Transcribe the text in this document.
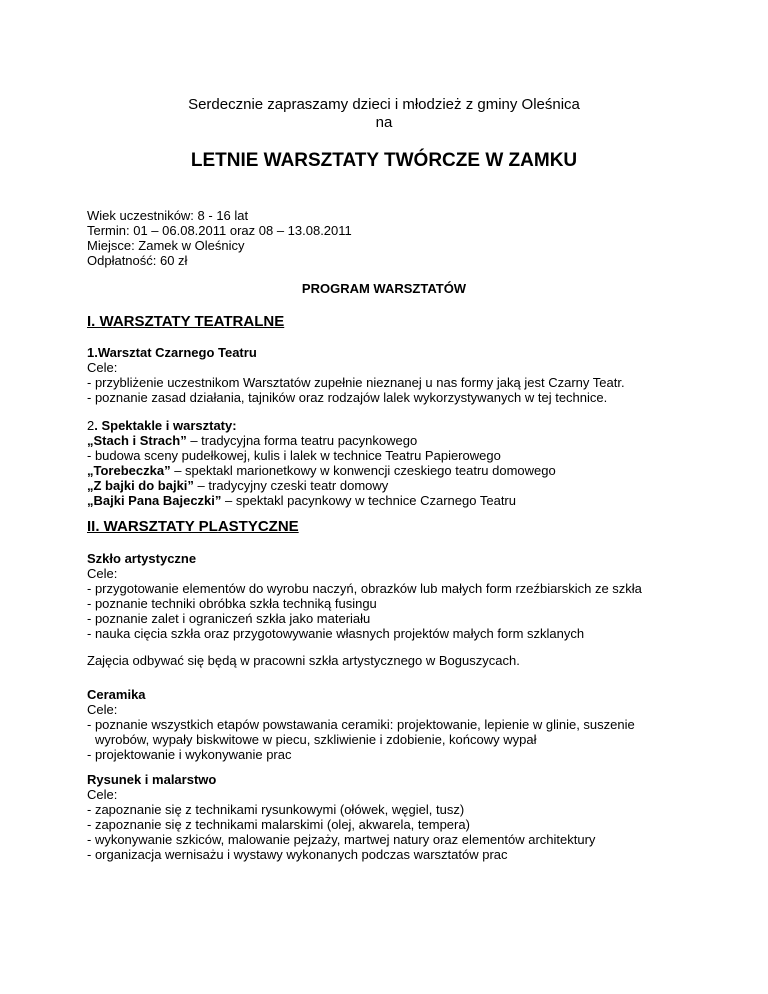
Serdecznie zapraszamy dzieci i młodzież z gminy Oleśnica
na
LETNIE WARSZTATY TWÓRCZE W ZAMKU
Wiek uczestników: 8 - 16 lat
Termin: 01 – 06.08.2011 oraz 08 – 13.08.2011
Miejsce: Zamek w Oleśnicy
Odpłatność: 60 zł
PROGRAM WARSZTATÓW
I. WARSZTATY TEATRALNE
1.Warsztat Czarnego Teatru
Cele:
- przybliżenie uczestnikom Warsztatów zupełnie nieznanej u nas formy jaką jest Czarny Teatr.
- poznanie zasad działania, tajników oraz rodzajów lalek wykorzystywanych w tej technice.
2. Spektakle i warsztaty:
„Stach i Strach” – tradycyjna forma teatru pacynkowego
- budowa sceny pudełkowej, kulis i lalek w technice Teatru Papierowego
„Torebeczka” – spektakl marionetkowy w konwencji czeskiego teatru domowego
„Z bajki do bajki” – tradycyjny czeski teatr domowy
„Bajki Pana Bajeczki” – spektakl pacynkowy w technice Czarnego Teatru
II. WARSZTATY PLASTYCZNE
Szkło artystyczne
Cele:
- przygotowanie elementów do wyrobu naczyń, obrazków lub małych form rzeźbiarskich ze szkła
- poznanie techniki obróbka szkła techniką fusingu
- poznanie zalet i ograniczeń szkła jako materiału
- nauka cięcia szkła oraz przygotowywanie własnych projektów małych form szklanych
Zajęcia odbywać się będą w pracowni szkła artystycznego w Boguszycach.
Ceramika
Cele:
- poznanie wszystkich etapów powstawania ceramiki: projektowanie, lepienie w glinie, suszenie
wyrobów, wypały biskwitowe w piecu, szkliwienie i zdobienie, końcowy wypał
- projektowanie i wykonywanie prac
Rysunek i malarstwo
Cele:
- zapoznanie się z technikami rysunkowymi (ołówek, węgiel, tusz)
- zapoznanie się z technikami malarskimi (olej, akwarela, tempera)
- wykonywanie szkiców, malowanie pejzaży, martwej natury oraz elementów architektury
- organizacja wernisażu i wystawy wykonanych podczas warsztatów prac
